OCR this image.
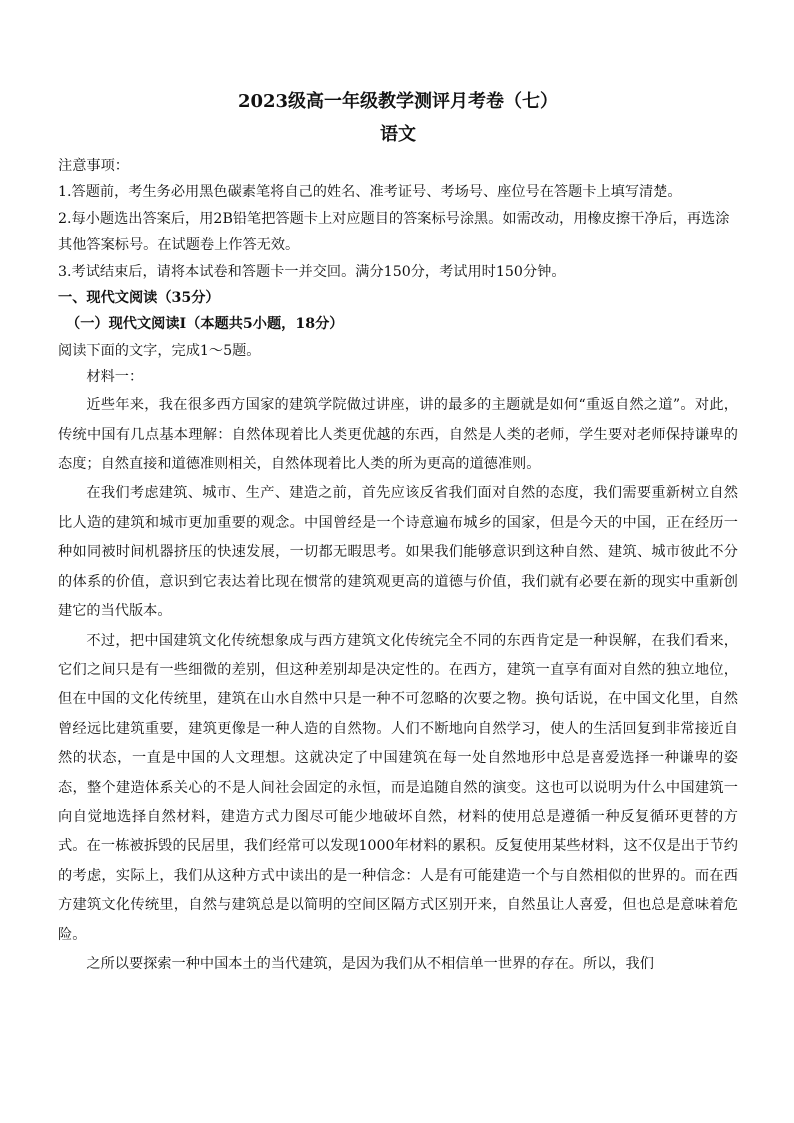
2023级高一年级教学测评月考卷（七）
语文

注意事项：

1.答题前，考生务必用黑色碳素笔将自己的姓名、准考证号、考场号、座位号在答题卡上填写清楚。

2.每小题选出答案后，用2B铅笔把答题卡上对应题目的答案标号涂黑。如需改动，用橡皮擦干净后，再选涂其他答案标号。在试题卷上作答无效。

3.考试结束后，请将本试卷和答题卡一并交回。满分150分，考试用时150分钟。

一、现代文阅读（35分）

（一）现代文阅读Ⅰ（本题共5小题，18分）

阅读下面的文字，完成1～5题。

材料一：

近些年来，我在很多西方国家的建筑学院做过讲座，讲的最多的主题就是如何“重返自然之道”。对此，传统中国有几点基本理解：自然体现着比人类更优越的东西，自然是人类的老师，学生要对老师保持谦卑的态度；自然直接和道德准则相关，自然体现着比人类的所为更高的道德准则。

在我们考虑建筑、城市、生产、建造之前，首先应该反省我们面对自然的态度，我们需要重新树立自然比人造的建筑和城市更加重要的观念。中国曾经是一个诗意遍布城乡的国家，但是今天的中国，正在经历一种如同被时间机器挤压的快速发展，一切都无暇思考。如果我们能够意识到这种自然、建筑、城市彼此不分的体系的价值，意识到它表达着比现在惯常的建筑观更高的道德与价值，我们就有必要在新的现实中重新创建它的当代版本。

不过，把中国建筑文化传统想象成与西方建筑文化传统完全不同的东西肯定是一种误解，在我们看来，它们之间只是有一些细微的差别，但这种差别却是决定性的。在西方，建筑一直享有面对自然的独立地位，但在中国的文化传统里，建筑在山水自然中只是一种不可忽略的次要之物。换句话说，在中国文化里，自然曾经远比建筑重要，建筑更像是一种人造的自然物。人们不断地向自然学习，使人的生活回复到非常接近自然的状态，一直是中国的人文理想。这就决定了中国建筑在每一处自然地形中总是喜爱选择一种谦卑的姿态，整个建造体系关心的不是人间社会固定的永恒，而是追随自然的演变。这也可以说明为什么中国建筑一向自觉地选择自然材料，建造方式力图尽可能少地破坏自然，材料的使用总是遵循一种反复循环更替的方式。在一栋被拆毁的民居里，我们经常可以发现1000年材料的累积。反复使用某些材料，这不仅是出于节约的考虑，实际上，我们从这种方式中读出的是一种信念：人是有可能建造一个与自然相似的世界的。而在西方建筑文化传统里，自然与建筑总是以简明的空间区隔方式区别开来，自然虽让人喜爱，但也总是意味着危险。

之所以要探索一种中国本土的当代建筑，是因为我们从不相信单一世界的存在。所以，我们
